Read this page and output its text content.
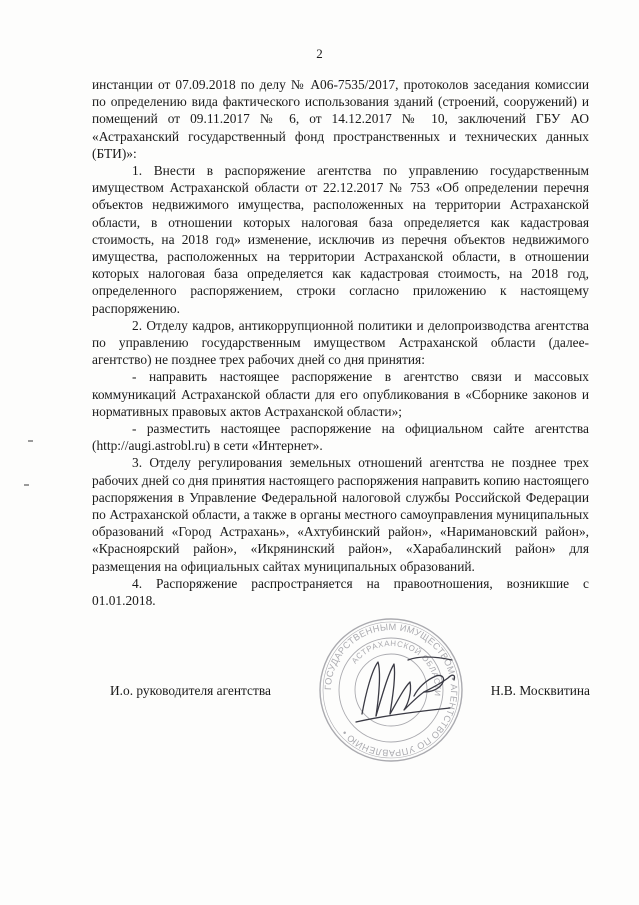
2

инстанции от 07.09.2018 по делу № А06-7535/2017, протоколов заседания комиссии по определению вида фактического использования зданий (строений, сооружений) и помещений от 09.11.2017 № 6, от 14.12.2017 № 10, заключений ГБУ АО «Астраханский государственный фонд пространственных и технических данных (БТИ)»:

1. Внести в распоряжение агентства по управлению государственным имуществом Астраханской области от 22.12.2017 № 753 «Об определении перечня объектов недвижимого имущества, расположенных на территории Астраханской области, в отношении которых налоговая база определяется как кадастровая стоимость, на 2018 год» изменение, исключив из перечня объектов недвижимого имущества, расположенных на территории Астраханской области, в отношении которых налоговая база определяется как кадастровая стоимость, на 2018 год, определенного распоряжением, строки согласно приложению к настоящему распоряжению.

2. Отделу кадров, антикоррупционной политики и делопроизводства агентства по управлению государственным имуществом Астраханской области (далее-агентство) не позднее трех рабочих дней со дня принятия:

- направить настоящее распоряжение в агентство связи и массовых коммуникаций Астраханской области для его опубликования в «Сборнике законов и нормативных правовых актов Астраханской области»;

- разместить настоящее распоряжение на официальном сайте агентства (http://augi.astrobl.ru) в сети «Интернет».

3. Отделу регулирования земельных отношений агентства не позднее трех рабочих дней со дня принятия настоящего распоряжения направить копию настоящего распоряжения в Управление Федеральной налоговой службы Российской Федерации по Астраханской области, а также в органы местного самоуправления муниципальных образований «Город Астрахань», «Ахтубинский район», «Наримановский район», «Красноярский район», «Икрянинский район», «Харабалинский район» для размещения на официальных сайтах муниципальных образований.

4. Распоряжение распространяется на правоотношения, возникшие с 01.01.2018.

ГОСУДАРСТВЕННЫМ ИМУЩЕСТВОМ • АГЕНТСТВО ПО УПРАВЛЕНИЮ •
АСТРАХАНСКОЙ ОБЛАСТИ
И.о. руководителя агентства	Н.В. Москвитина
